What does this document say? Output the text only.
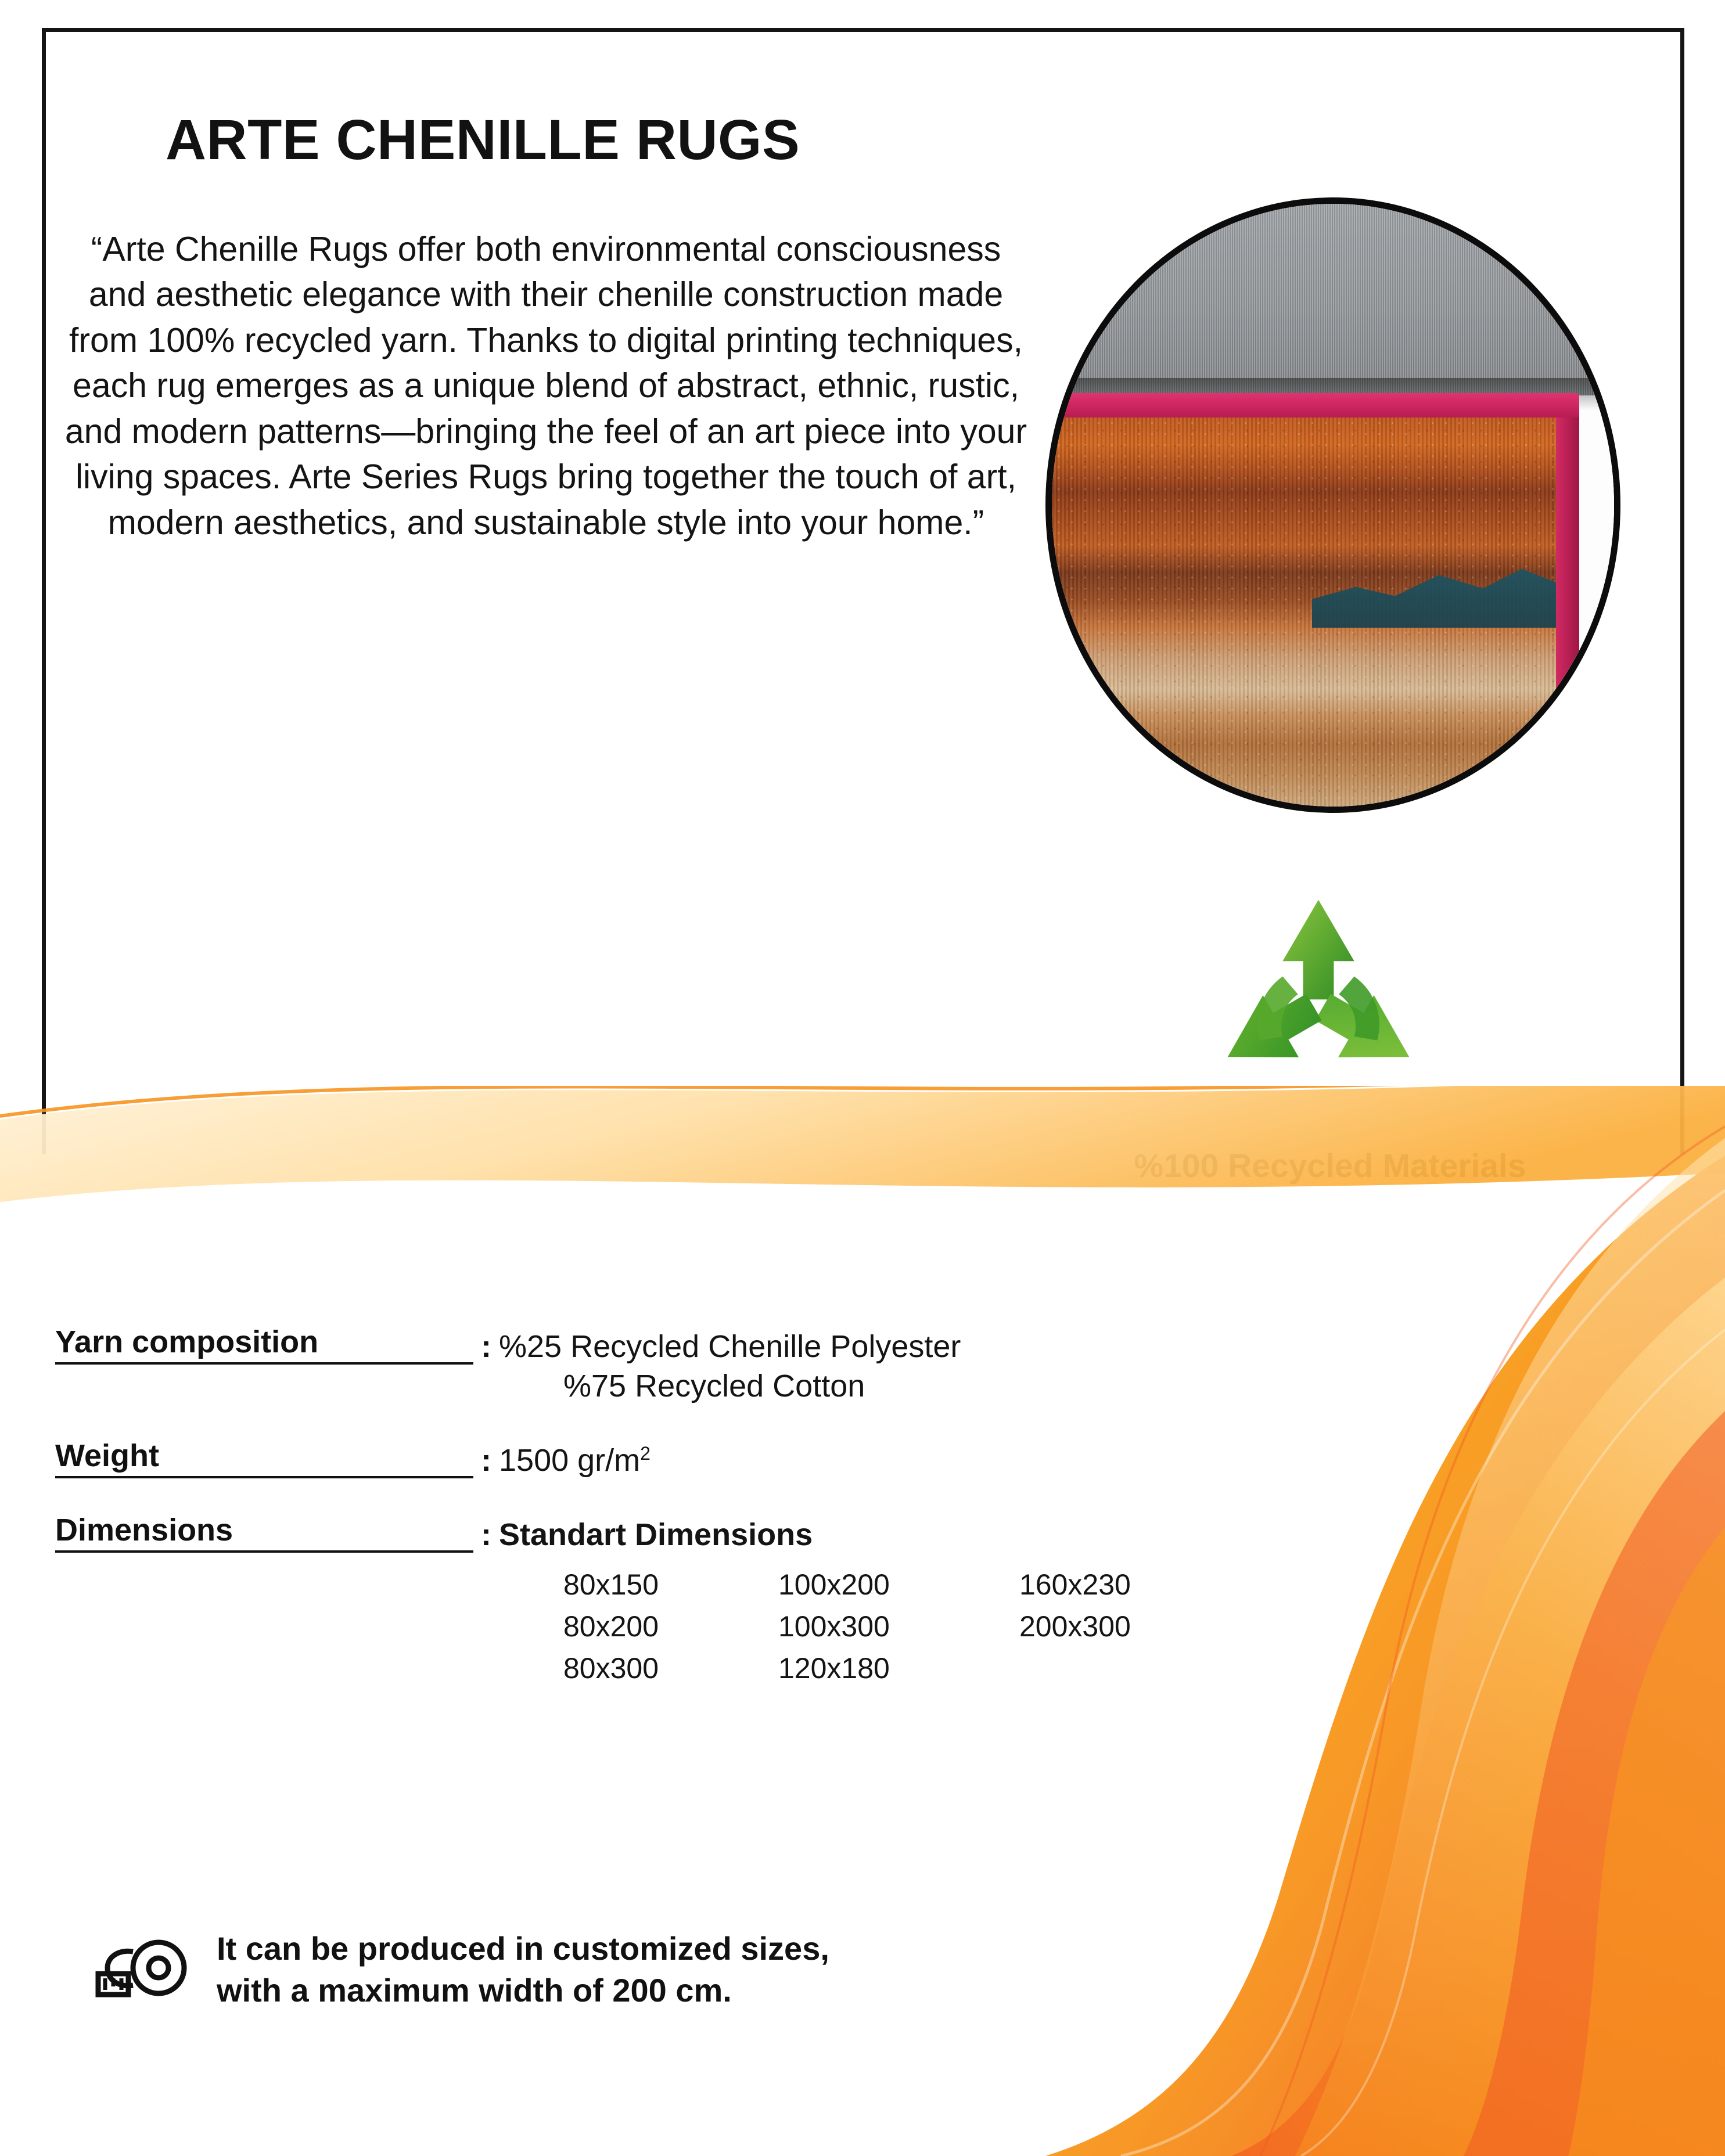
ARTE CHENILLE RUGS
“Arte Chenille Rugs offer both environmental consciousness and aesthetic elegance with their chenille construction made from 100% recycled yarn. Thanks to digital printing techniques, each rug emerges as a unique blend of abstract, ethnic, rustic, and modern patterns—bringing the feel of an art piece into your living spaces. Arte Series Rugs bring together the touch of art, modern aesthetics, and sustainable style into your home.”
Yarn composition	: %25 Recycled Chenille Polyester
%75 Recycled Cotton
Weight	: 1500 $gr/m^2$
Dimensions	: Standart Dimensions
80x150	100x200	160x230
80x200	100x300	200x300
80x300	120x180
It can be produced in customized sizes,
with a maximum width of 200 cm.
